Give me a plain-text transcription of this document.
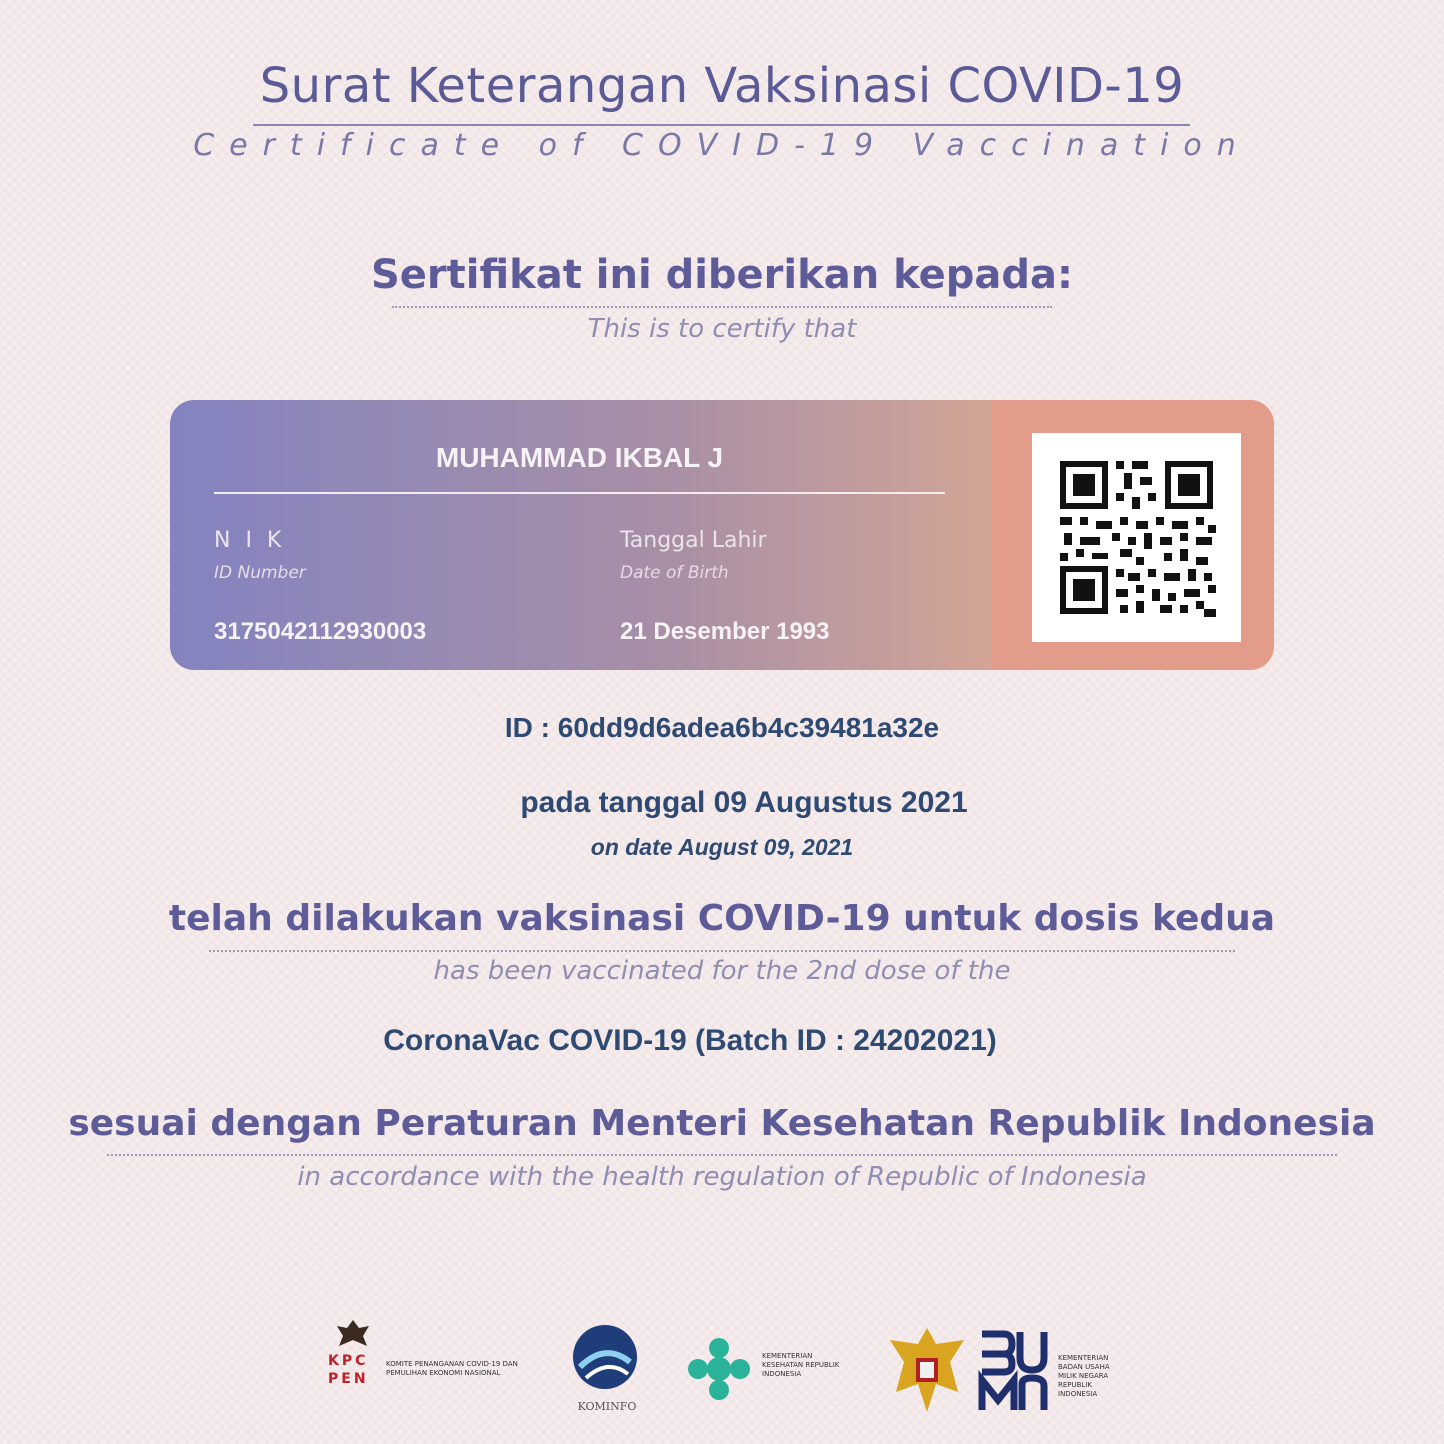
Surat Keterangan Vaksinasi COVID-19
Certificate of COVID-19 Vaccination
Sertifikat ini diberikan kepada:
This is to certify that
MUHAMMAD IKBAL J
N I K
ID Number
3175042112930003
Tanggal Lahir
Date of Birth
21 Desember 1993
ID : 60dd9d6adea6b4c39481a32e
pada tanggal 09 Augustus 2021
on date August 09, 2021
telah dilakukan vaksinasi COVID-19 untuk dosis kedua
has been vaccinated for the 2nd dose of the
CoronaVac COVID-19 (Batch ID : 24202021)
sesuai dengan Peraturan Menteri Kesehatan Republik Indonesia
in accordance with the health regulation of Republic of Indonesia
KPC
PEN
KOMITE PENANGANAN COVID-19 DAN PEMULIHAN EKONOMI NASIONAL
KOMINFO
KEMENTERIAN KESEHATAN REPUBLIK INDONESIA
KEMENTERIAN BADAN USAHA MILIK NEGARA REPUBLIK INDONESIA
